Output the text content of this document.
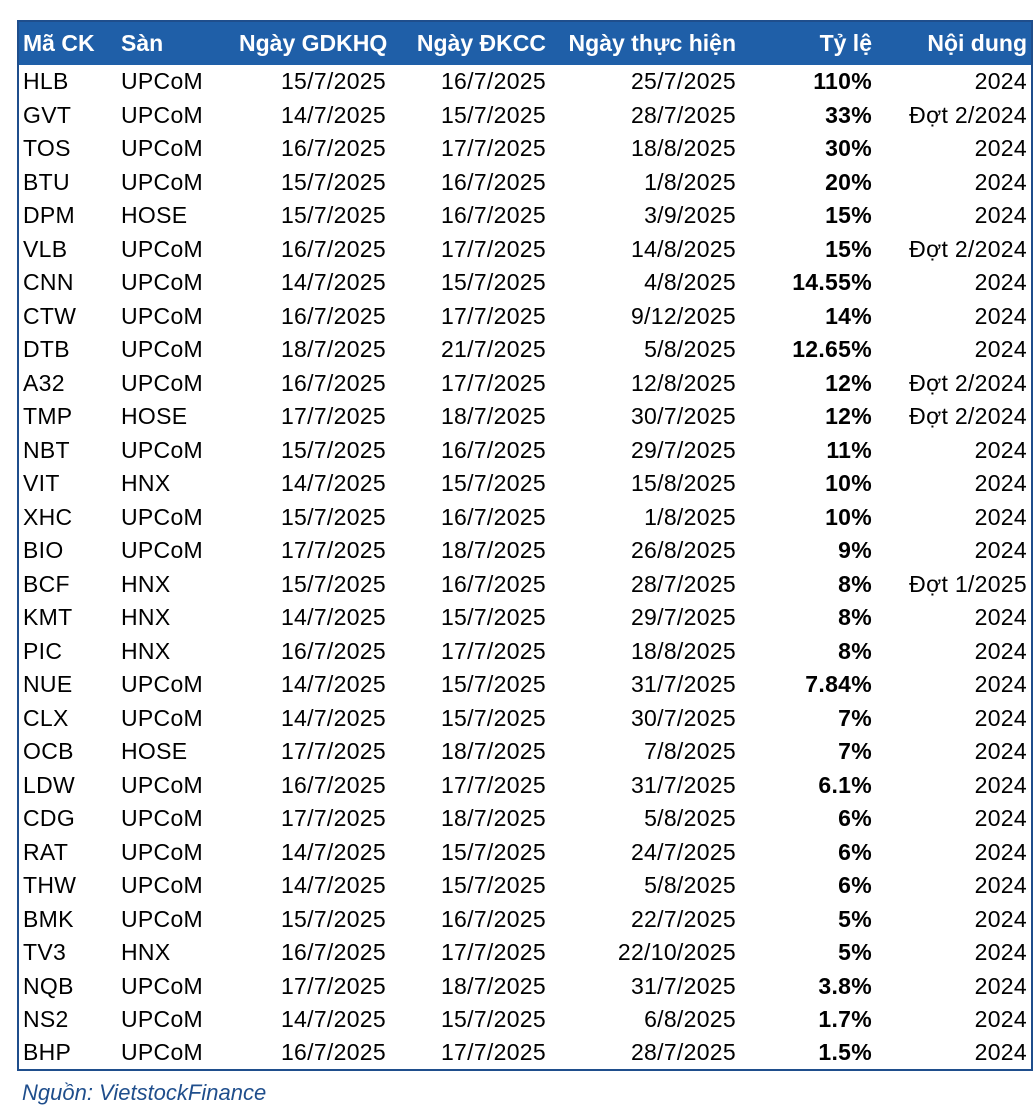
Mã CK	Sàn	Ngày GDKHQ	Ngày ĐKCC	Ngày thực hiện	Tỷ lệ	Nội dung
HLB	UPCoM	15/7/2025	16/7/2025	25/7/2025	110%	2024
GVT	UPCoM	14/7/2025	15/7/2025	28/7/2025	33%	Đợt 2/2024
TOS	UPCoM	16/7/2025	17/7/2025	18/8/2025	30%	2024
BTU	UPCoM	15/7/2025	16/7/2025	1/8/2025	20%	2024
DPM	HOSE	15/7/2025	16/7/2025	3/9/2025	15%	2024
VLB	UPCoM	16/7/2025	17/7/2025	14/8/2025	15%	Đợt 2/2024
CNN	UPCoM	14/7/2025	15/7/2025	4/8/2025	14.55%	2024
CTW	UPCoM	16/7/2025	17/7/2025	9/12/2025	14%	2024
DTB	UPCoM	18/7/2025	21/7/2025	5/8/2025	12.65%	2024
A32	UPCoM	16/7/2025	17/7/2025	12/8/2025	12%	Đợt 2/2024
TMP	HOSE	17/7/2025	18/7/2025	30/7/2025	12%	Đợt 2/2024
NBT	UPCoM	15/7/2025	16/7/2025	29/7/2025	11%	2024
VIT	HNX	14/7/2025	15/7/2025	15/8/2025	10%	2024
XHC	UPCoM	15/7/2025	16/7/2025	1/8/2025	10%	2024
BIO	UPCoM	17/7/2025	18/7/2025	26/8/2025	9%	2024
BCF	HNX	15/7/2025	16/7/2025	28/7/2025	8%	Đợt 1/2025
KMT	HNX	14/7/2025	15/7/2025	29/7/2025	8%	2024
PIC	HNX	16/7/2025	17/7/2025	18/8/2025	8%	2024
NUE	UPCoM	14/7/2025	15/7/2025	31/7/2025	7.84%	2024
CLX	UPCoM	14/7/2025	15/7/2025	30/7/2025	7%	2024
OCB	HOSE	17/7/2025	18/7/2025	7/8/2025	7%	2024
LDW	UPCoM	16/7/2025	17/7/2025	31/7/2025	6.1%	2024
CDG	UPCoM	17/7/2025	18/7/2025	5/8/2025	6%	2024
RAT	UPCoM	14/7/2025	15/7/2025	24/7/2025	6%	2024
THW	UPCoM	14/7/2025	15/7/2025	5/8/2025	6%	2024
BMK	UPCoM	15/7/2025	16/7/2025	22/7/2025	5%	2024
TV3	HNX	16/7/2025	17/7/2025	22/10/2025	5%	2024
NQB	UPCoM	17/7/2025	18/7/2025	31/7/2025	3.8%	2024
NS2	UPCoM	14/7/2025	15/7/2025	6/8/2025	1.7%	2024
BHP	UPCoM	16/7/2025	17/7/2025	28/7/2025	1.5%	2024
Nguồn: VietstockFinance
